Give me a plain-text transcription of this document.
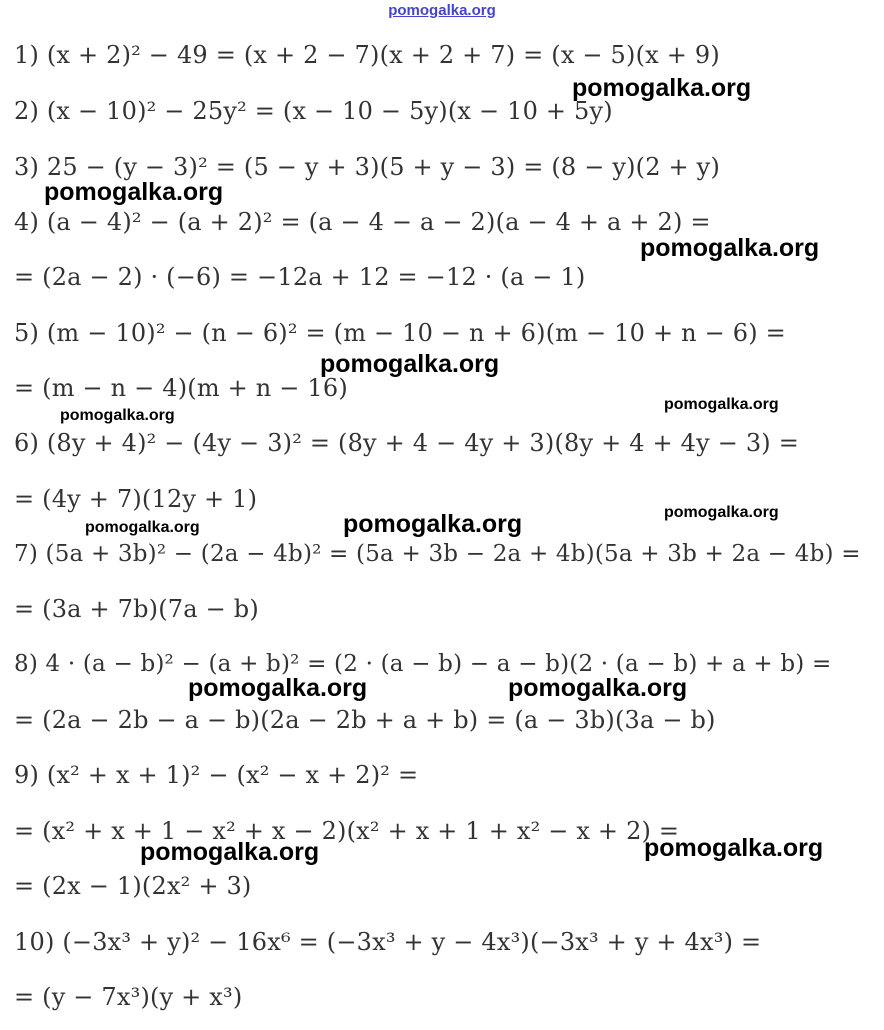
pomogalka.org
1) (x + 2)² − 49 = (x + 2 − 7)(x + 2 + 7) = (x − 5)(x + 9)
2) (x − 10)² − 25y² = (x − 10 − 5y)(x − 10 + 5y)
3) 25 − (y − 3)² = (5 − y + 3)(5 + y − 3) = (8 − y)(2 + y)
4) (a − 4)² − (a + 2)² = (a − 4 − a − 2)(a − 4 + a + 2) =
= (2a − 2) · (−6) = −12a + 12 = −12 · (a − 1)
5) (m − 10)² − (n − 6)² = (m − 10 − n + 6)(m − 10 + n − 6) =
= (m − n − 4)(m + n − 16)
6) (8y + 4)² − (4y − 3)² = (8y + 4 − 4y + 3)(8y + 4 + 4y − 3) =
= (4y + 7)(12y + 1)
7) (5a + 3b)² − (2a − 4b)² = (5a + 3b − 2a + 4b)(5a + 3b + 2a − 4b) =
= (3a + 7b)(7a − b)
8) 4 · (a − b)² − (a + b)² = (2 · (a − b) − a − b)(2 · (a − b) + a + b) =
= (2a − 2b − a − b)(2a − 2b + a + b) = (a − 3b)(3a − b)
9) (x² + x + 1)² − (x² − x + 2)² =
= (x² + x + 1 − x² + x − 2)(x² + x + 1 + x² − x + 2) =
= (2x − 1)(2x² + 3)
10) (−3x³ + y)² − 16x⁶ = (−3x³ + y − 4x³)(−3x³ + y + 4x³) =
= (y − 7x³)(y + x³)
pomogalka.org
pomogalka.org
pomogalka.org
pomogalka.org
pomogalka.org
pomogalka.org
pomogalka.org	pomogalka.org	pomogalka.org
pomogalka.org	pomogalka.org
pomogalka.org	pomogalka.org
